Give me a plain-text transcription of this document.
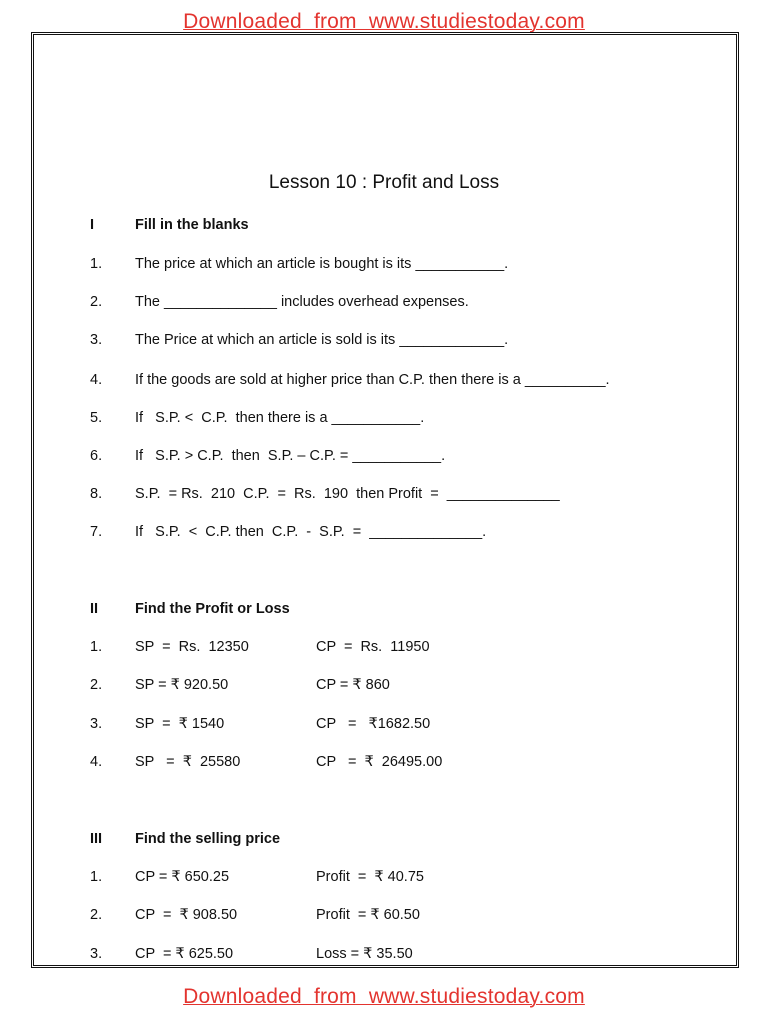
Downloaded  from  www.studiestoday.com
Lesson 10 : Profit and Loss
I	Fill in the blanks
1. The price at which an article is bought is its ___________.
2. The ______________ includes overhead expenses.
3. The Price at which an article is sold is its _____________.
4. If the goods are sold at higher price than C.P. then there is a __________.
5. If   S.P. <  C.P.  then there is a ___________.
6. If   S.P. > C.P.  then  S.P. – C.P. = ___________.
8. S.P.  = Rs.  210  C.P.  =  Rs.  190  then Profit  =  ______________
7. If   S.P.  <  C.P. then  C.P.  -  S.P.  =  ______________.
II	Find the Profit or Loss
1. SP  =  Rs.  12350	CP  =  Rs.  11950
2. SP = ₹ 920.50	CP = ₹ 860
3. SP  =  ₹ 1540	CP   =   ₹1682.50
4. SP   =  ₹  25580	CP   =  ₹  26495.00
III Find the selling price
1. CP = ₹ 650.25	Profit  =  ₹ 40.75
2. CP  =  ₹ 908.50	Profit  = ₹ 60.50
3. CP  = ₹ 625.50	Loss = ₹ 35.50
Downloaded  from  www.studiestoday.com
